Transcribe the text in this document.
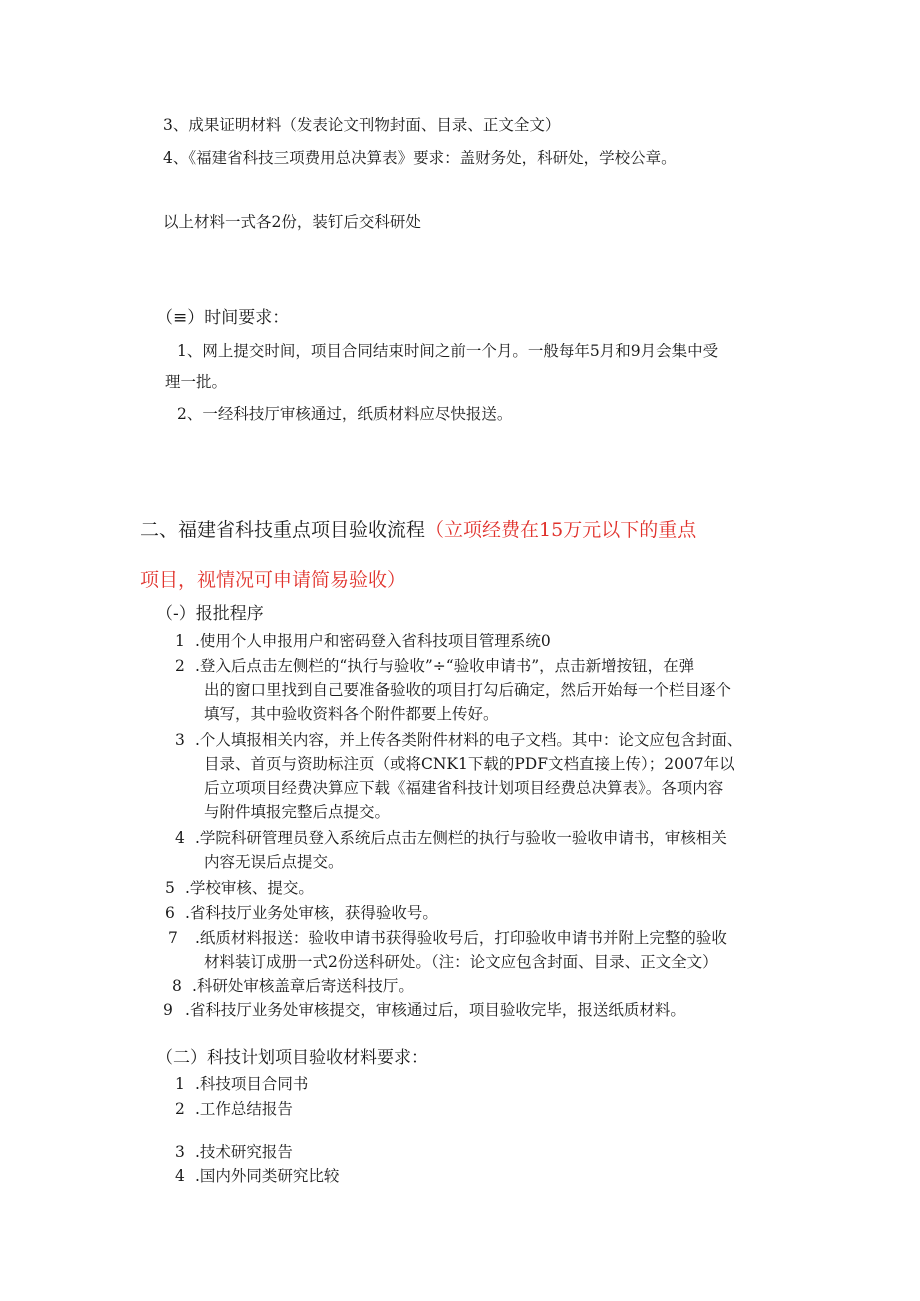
3、成果证明材料（发表论文刊物封面、目录、正文全文）
4、《福建省科技三项费用总决算表》要求：盖财务处，科研处，学校公章。
以上材料一式各2份，装钉后交科研处
（≡）时间要求：
1、网上提交时间，项目合同结束时间之前一个月。一般每年5月和9月会集中受
理一批。
2、一经科技厅审核通过，纸质材料应尽快报送。
二、福建省科技重点项目验收流程（立项经费在15万元以下的重点
项目，视情况可申请简易验收）
（-）报批程序
1 .使用个人申报用户和密码登入省科技项目管理系统0
2 .登入后点击左侧栏的“执行与验收”÷“验收申请书”，点击新增按钮，在弹
出的窗口里找到自己要准备验收的项目打勾后确定，然后开始每一个栏目逐个
填写，其中验收资料各个附件都要上传好。
3 .个人填报相关内容，并上传各类附件材料的电子文档。其中：论文应包含封面、
目录、首页与资助标注页（或将CNK1下载的PDF文档直接上传）；2007年以
后立项项目经费决算应下载《福建省科技计划项目经费总决算表》。各项内容
与附件填报完整后点提交。
4 .学院科研管理员登入系统后点击左侧栏的执行与验收一验收申请书，审核相关
内容无误后点提交。
5 .学校审核、提交。
6 .省科技厅业务处审核，获得验收号。
7 .纸质材料报送：验收申请书获得验收号后，打印验收申请书并附上完整的验收
材料装订成册一式2份送科研处。（注：论文应包含封面、目录、正文全文）
8 .科研处审核盖章后寄送科技厅。
9 .省科技厅业务处审核提交，审核通过后，项目验收完毕，报送纸质材料。
（二）科技计划项目验收材料要求：
1 .科技项目合同书
2 .工作总结报告
3 .技术研究报告
4 .国内外同类研究比较
